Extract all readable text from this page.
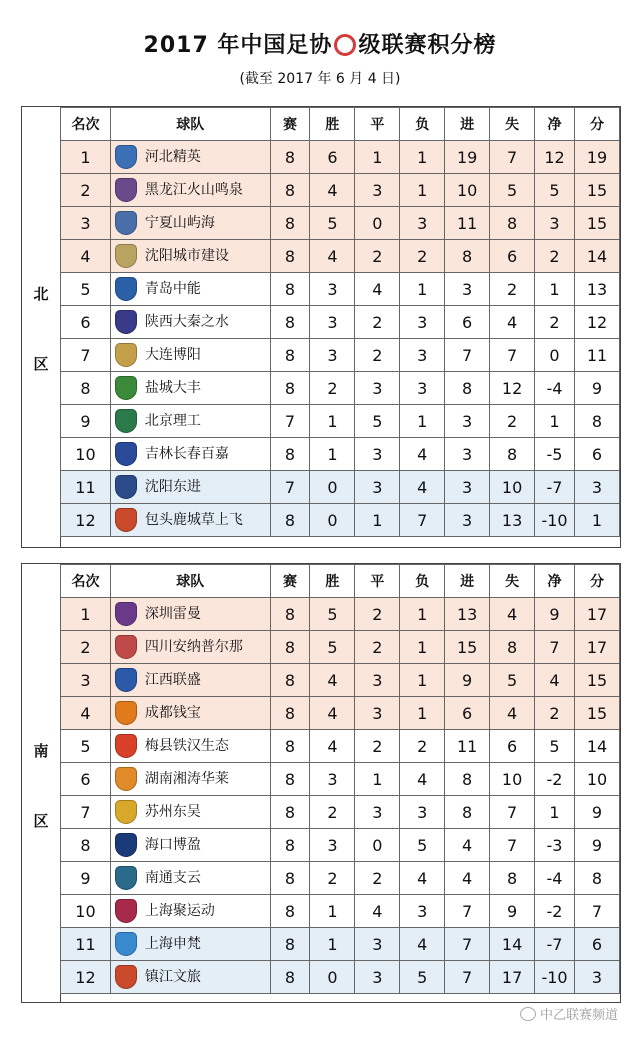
2017 年中国足协 级联赛积分榜
(截至 2017 年 6 月 4 日)
北
区
名次	球队	赛	胜	平	负	进	失	净	分
1	河北精英	8	6	1	1	19	7	12	19
2	黑龙江火山鸣泉	8	4	3	1	10	5	5	15
3	宁夏山屿海	8	5	0	3	11	8	3	15
4	沈阳城市建设	8	4	2	2	8	6	2	14
5	青岛中能	8	3	4	1	3	2	1	13
6	陕西大秦之水	8	3	2	3	6	4	2	12
7	大连博阳	8	3	2	3	7	7	0	11
8	盐城大丰	8	2	3	3	8	12	-4	9
9	北京理工	7	1	5	1	3	2	1	8
10	吉林长春百嘉	8	1	3	4	3	8	-5	6
11	沈阳东进	7	0	3	4	3	10	-7	3
12	包头鹿城草上飞	8	0	1	7	3	13	-10	1
南
区
名次	球队	赛	胜	平	负	进	失	净	分
1	深圳雷曼	8	5	2	1	13	4	9	17
2	四川安纳普尔那	8	5	2	1	15	8	7	17
3	江西联盛	8	4	3	1	9	5	4	15
4	成都钱宝	8	4	3	1	6	4	2	15
5	梅县铁汉生态	8	4	2	2	11	6	5	14
6	湖南湘涛华莱	8	3	1	4	8	10	-2	10
7	苏州东吴	8	2	3	3	8	7	1	9
8	海口博盈	8	3	0	5	4	7	-3	9
9	南通支云	8	2	2	4	4	8	-4	8
10	上海聚运动	8	1	4	3	7	9	-2	7
11	上海申梵	8	1	3	4	7	14	-7	6
12	镇江文旅	8	0	3	5	7	17	-10	3
中乙联赛频道
